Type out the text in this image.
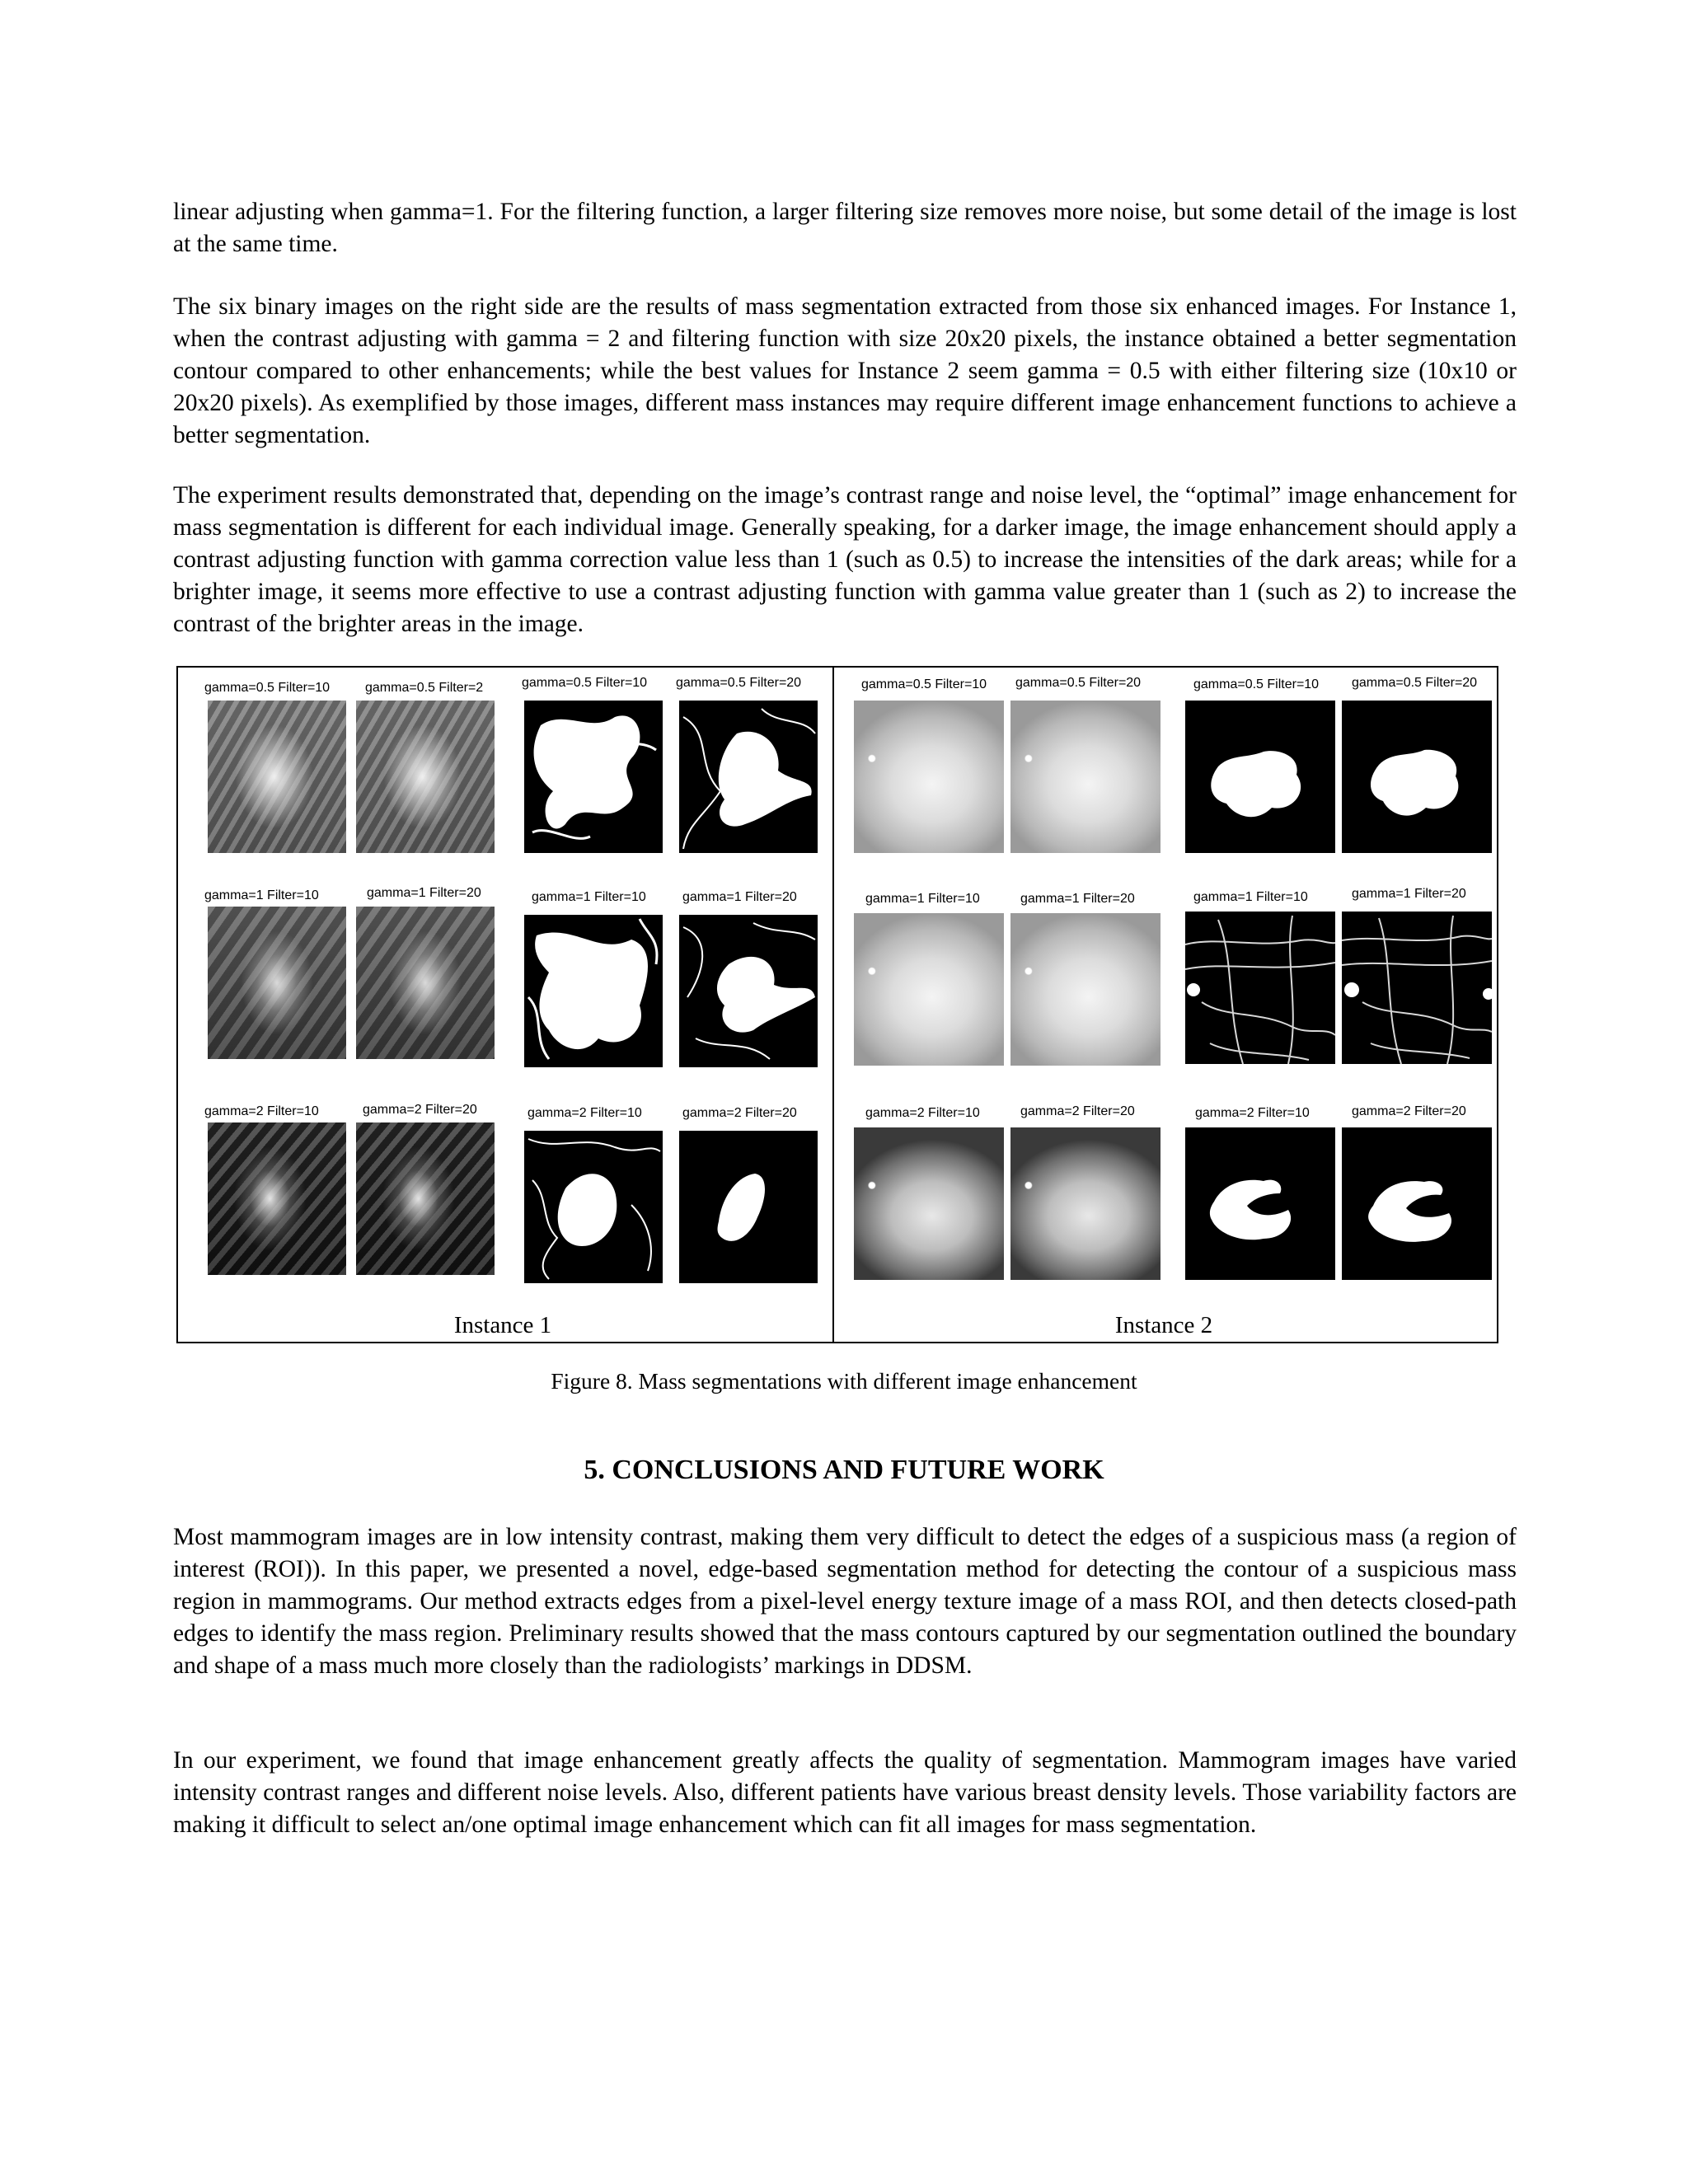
linear adjusting when gamma=1. For the filtering function, a larger filtering size removes more noise, but some detail of the image is lost at the same time.

The six binary images on the right side are the results of mass segmentation extracted from those six enhanced images. For Instance 1, when the contrast adjusting with gamma = 2 and filtering function with size 20x20 pixels, the instance obtained a better segmentation contour compared to other enhancements; while the best values for Instance 2 seem gamma = 0.5 with either filtering size (10x10 or 20x20 pixels). As exemplified by those images, different mass instances may require different image enhancement functions to achieve a better segmentation.

The experiment results demonstrated that, depending on the image’s contrast range and noise level, the “optimal” image enhancement for mass segmentation is different for each individual image. Generally speaking, for a darker image, the image enhancement should apply a contrast adjusting function with gamma correction value less than 1 (such as 0.5) to increase the intensities of the dark areas; while for a brighter image, it seems more effective to use a contrast adjusting function with gamma value greater than 1 (such as 2) to increase the contrast of the brighter areas in the image.

gamma=0.5 Filter=10	gamma=0.5 Filter=2
gamma=1 Filter=10	gamma=1 Filter=20
gamma=2 Filter=10	gamma=2 Filter=20
gamma=0.5 Filter=10 gamma=0.5 Filter=20
gamma=1 Filter=10	gamma=1 Filter=20
gamma=2 Filter=10	gamma=2 Filter=20
gamma=0.5 Filter=10 gamma=0.5 Filter=20
gamma=1 Filter=10	gamma=1 Filter=20
gamma=2 Filter=10	gamma=2 Filter=20
gamma=0.5 Filter=10 gamma=0.5 Filter=20
gamma=1 Filter=10	gamma=1 Filter=20
gamma=2 Filter=10	gamma=2 Filter=20
Instance 1	Instance 2
Figure 8. Mass segmentations with different image enhancement
5. CONCLUSIONS AND FUTURE WORK

Most mammogram images are in low intensity contrast, making them very difficult to detect the edges of a suspicious mass (a region of interest (ROI)). In this paper, we presented a novel, edge-based segmentation method for detecting the contour of a suspicious mass region in mammograms. Our method extracts edges from a pixel-level energy texture image of a mass ROI, and then detects closed-path edges to identify the mass region. Preliminary results showed that the mass contours captured by our segmentation outlined the boundary and shape of a mass much more closely than the radiologists’ markings in DDSM.

In our experiment, we found that image enhancement greatly affects the quality of segmentation. Mammogram images have varied intensity contrast ranges and different noise levels. Also, different patients have various breast density levels. Those variability factors are making it difficult to select an/one optimal image enhancement which can fit all images for mass segmentation.
